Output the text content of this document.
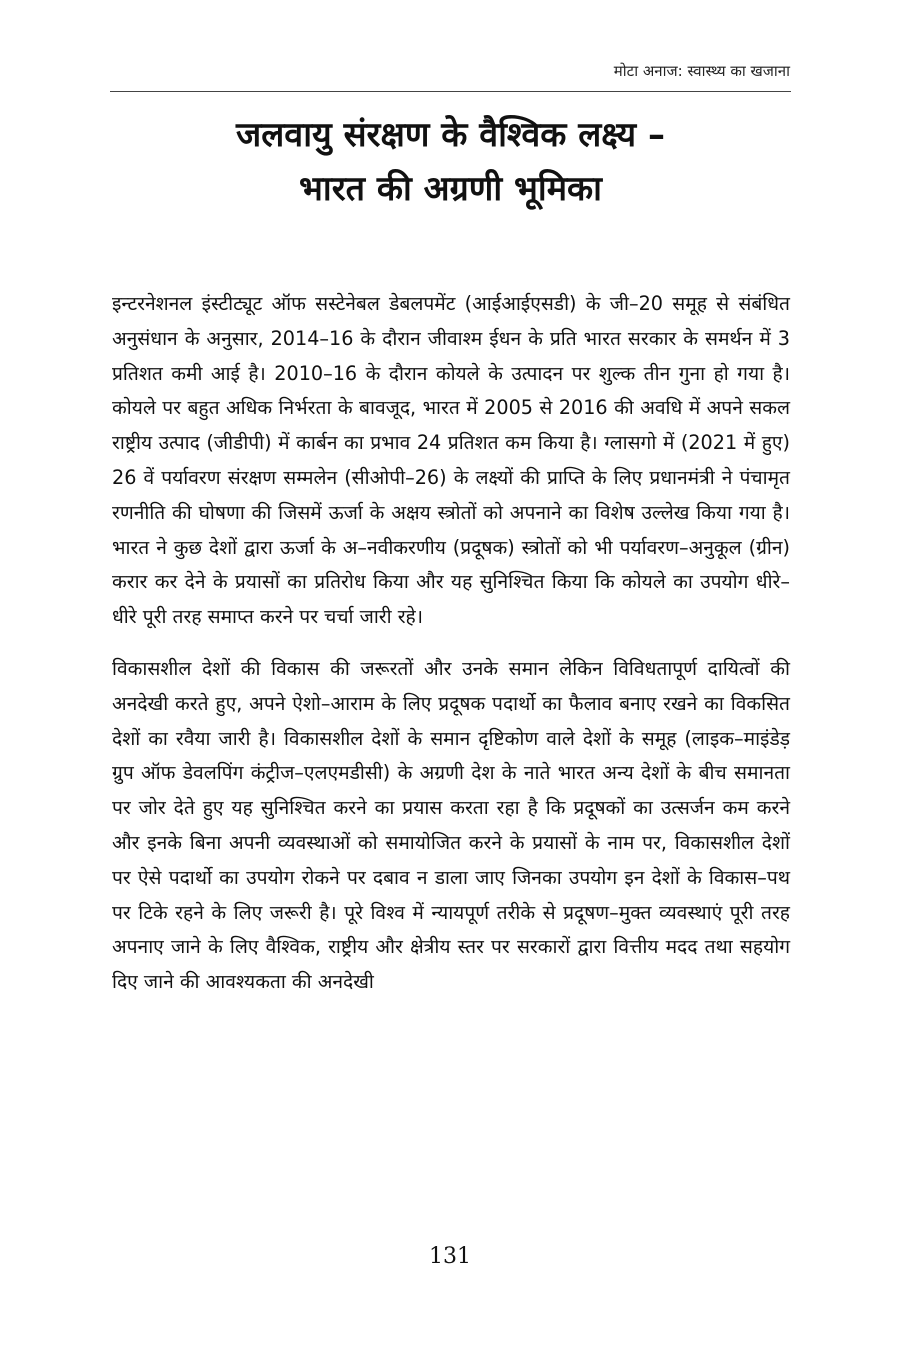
मोटा अनाज: स्वास्थ्य का खजाना
जलवायु संरक्षण के वैश्विक लक्ष्य –
भारत की अग्रणी भूमिका

इन्टरनेशनल इंस्टीट्यूट ऑफ सस्टेनेबल डेबलपमेंट (आईआईएसडी) के जी–20 समूह से संबंधित अनुसंधान के अनुसार, 2014–16 के दौरान जीवाश्म ईधन के प्रति भारत सरकार के समर्थन में 3 प्रतिशत कमी आई है। 2010–16 के दौरान कोयले के उत्पादन पर शुल्क तीन गुना हो गया है। कोयले पर बहुत अधिक निर्भरता के बावजूद, भारत में 2005 से 2016 की अवधि में अपने सकल राष्ट्रीय उत्पाद (जीडीपी) में कार्बन का प्रभाव 24 प्रतिशत कम किया है। ग्लासगो में (2021 में हुए) 26 वें पर्यावरण संरक्षण सम्मलेन (सीओपी–26) के लक्ष्यों की प्राप्ति के लिए प्रधानमंत्री ने पंचामृत रणनीति की घोषणा की जिसमें ऊर्जा के अक्षय स्त्रोतों को अपनाने का विशेष उल्लेख किया गया है। भारत ने कुछ देशों द्वारा ऊर्जा के अ–नवीकरणीय (प्रदूषक) स्त्रोतों को भी पर्यावरण–अनुकूल (ग्रीन) करार कर देने के प्रयासों का प्रतिरोध किया और यह सुनिश्चित किया कि कोयले का उपयोग धीरे–धीरे पूरी तरह समाप्त करने पर चर्चा जारी रहे।

विकासशील देशों की विकास की जरूरतों और उनके समान लेकिन विविधतापूर्ण दायित्वों की अनदेखी करते हुए, अपने ऐशो–आराम के लिए प्रदूषक पदार्थो का फैलाव बनाए रखने का विकसित देशों का रवैया जारी है। विकासशील देशों के समान दृष्टिकोण वाले देशों के समूह (लाइक–माइंडेड़ ग्रुप ऑफ डेवलपिंग कंट्रीज–एलएमडीसी) के अग्रणी देश के नाते भारत अन्य देशों के बीच समानता पर जोर देते हुए यह सुनिश्चित करने का प्रयास करता रहा है कि प्रदूषकों का उत्सर्जन कम करने और इनके बिना अपनी व्यवस्थाओं को समायोजित करने के प्रयासों के नाम पर, विकासशील देशों पर ऐसे पदार्थो का उपयोग रोकने पर दबाव न डाला जाए जिनका उपयोग इन देशों के विकास–पथ पर टिके रहने के लिए जरूरी है। पूरे विश्व में न्यायपूर्ण तरीके से प्रदूषण–मुक्त व्यवस्थाएं पूरी तरह अपनाए जाने के लिए वैश्विक, राष्ट्रीय और क्षेत्रीय स्तर पर सरकारों द्वारा वित्तीय मदद तथा सहयोग दिए जाने की आवश्यकता की अनदेखी

131
